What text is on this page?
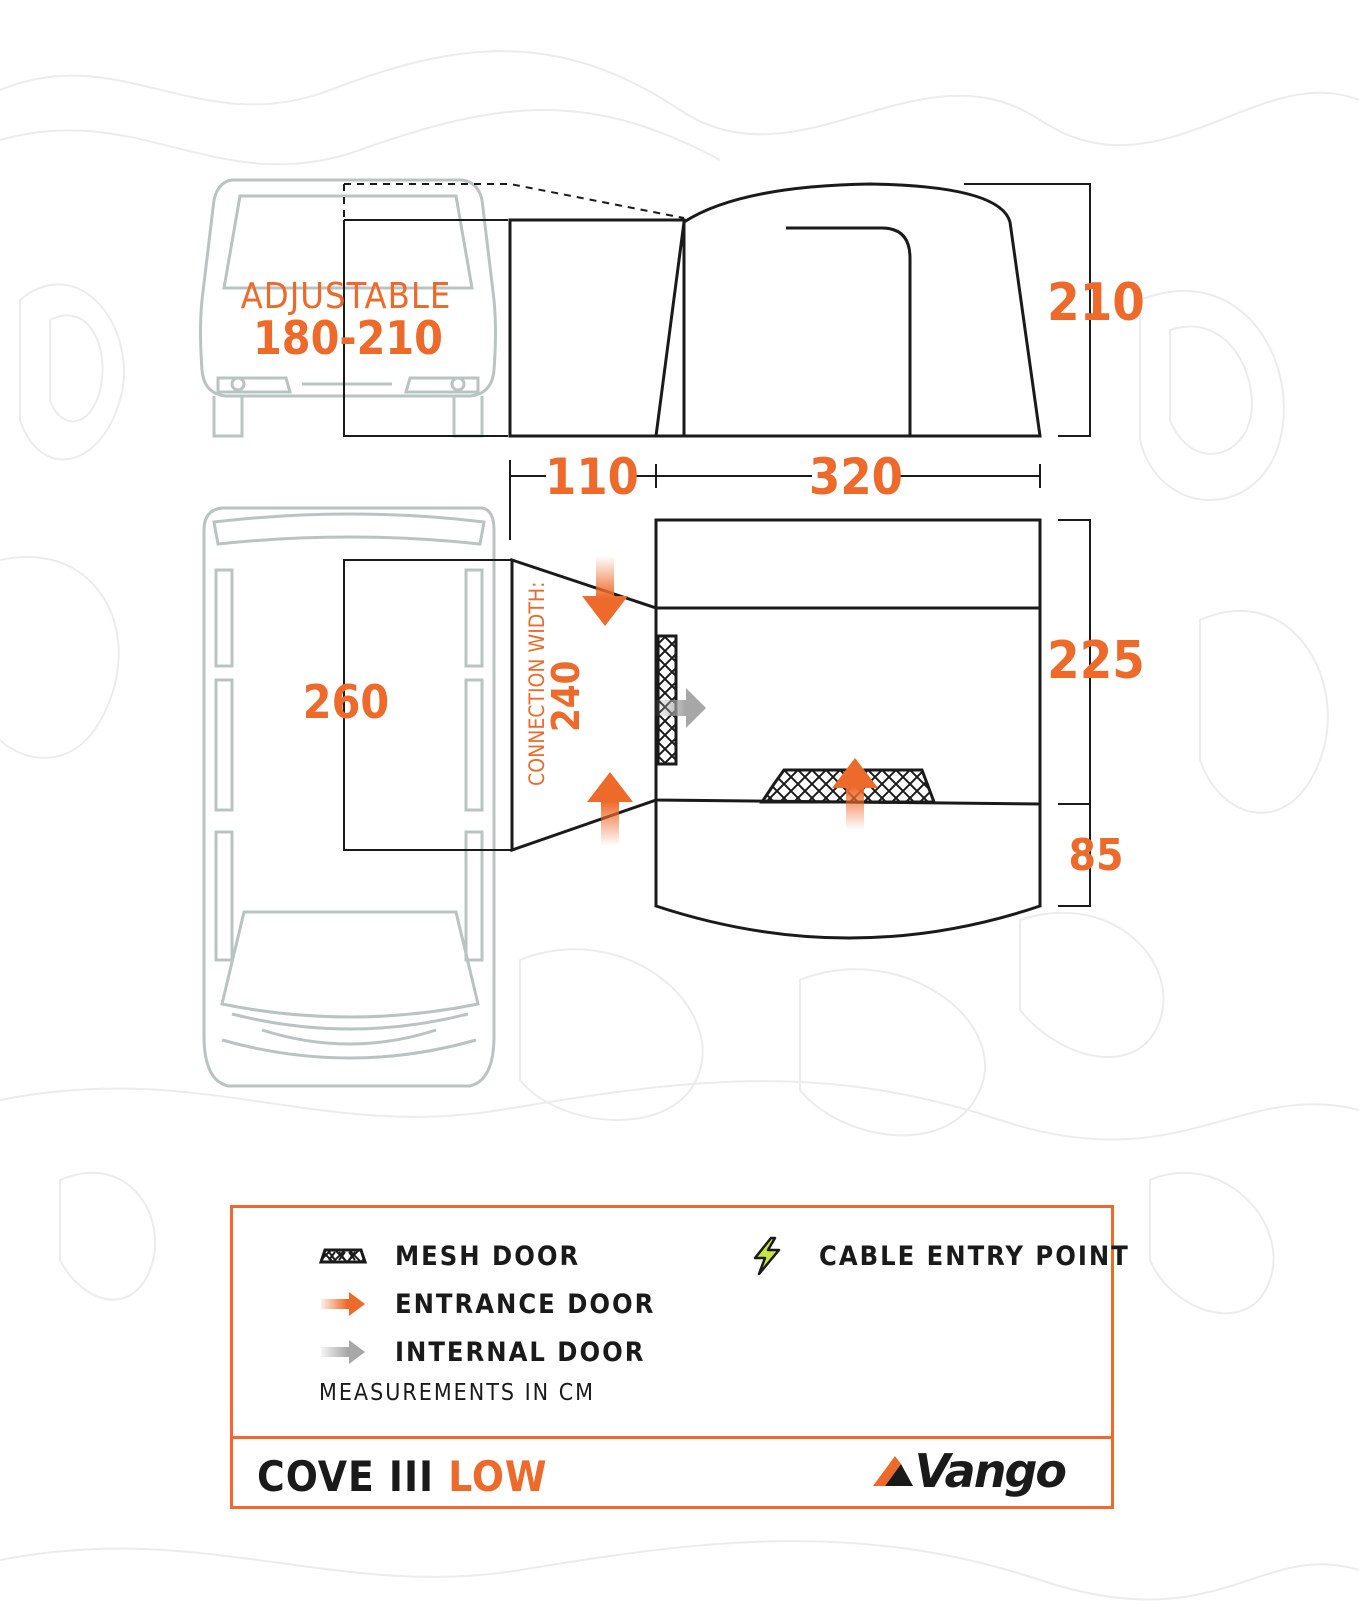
ADJUSTABLE
180-210
210
110	320
260	CONNECTION WIDTH:
240	225
85
MESH DOOR
ENTRANCE DOOR
INTERNAL DOOR
CABLE ENTRY POINT
MEASUREMENTS IN CM
COVE III LOW	Vango
